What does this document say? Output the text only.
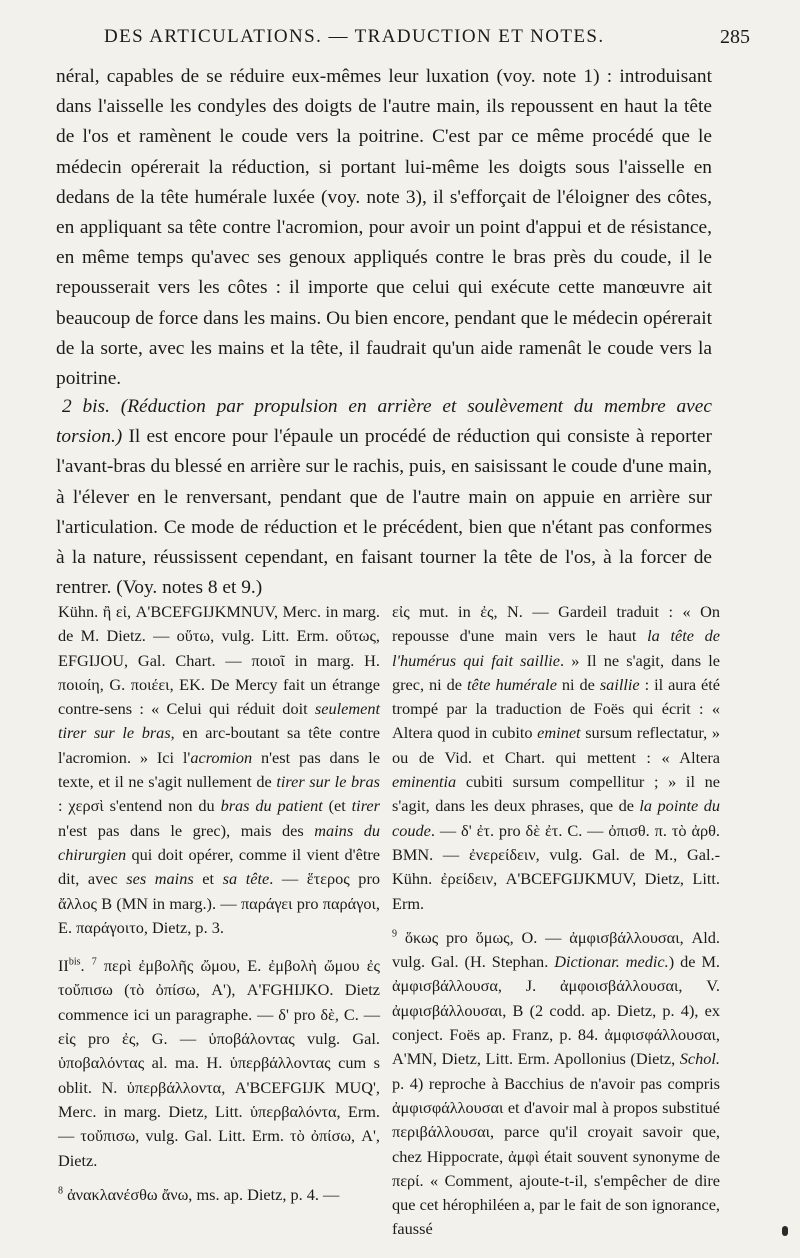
DES ARTICULATIONS. — TRADUCTION ET NOTES.	285

néral, capables de se réduire eux-mêmes leur luxation (voy. note 1) : introduisant dans l'aisselle les condyles des doigts de l'autre main, ils repoussent en haut la tête de l'os et ramènent le coude vers la poitrine. C'est par ce même procédé que le médecin opérerait la réduction, si portant lui-même les doigts sous l'aisselle en dedans de la tête humérale luxée (voy. note 3), il s'efforçait de l'éloigner des côtes, en appliquant sa tête contre l'acromion, pour avoir un point d'appui et de résistance, en même temps qu'avec ses genoux appliqués contre le bras près du coude, il le repousserait vers les côtes : il importe que celui qui exécute cette manœuvre ait beaucoup de force dans les mains. Ou bien encore, pendant que le médecin opérerait de la sorte, avec les mains et la tête, il faudrait qu'un aide ramenât le coude vers la poitrine.

2 bis. (Réduction par propulsion en arrière et soulèvement du membre avec torsion.) Il est encore pour l'épaule un procédé de réduction qui consiste à reporter l'avant-bras du blessé en arrière sur le rachis, puis, en saisissant le coude d'une main, à l'élever en le renversant, pendant que de l'autre main on appuie en arrière sur l'articulation. Ce mode de réduction et le précédent, bien que n'étant pas conformes à la nature, réussissent cependant, en faisant tourner la tête de l'os, à la forcer de rentrer. (Voy. notes 8 et 9.)

Kühn. ἢ εἰ, A'BCEFGIJKMNUV, Merc. in marg. de M. Dietz. — οὕτω, vulg. Litt. Erm. οὕτως, EFGIJOU, Gal. Chart. — ποιοῖ in marg. H. ποιοίη, G. ποιέει, EK. De Mercy fait un étrange contre-sens : « Celui qui réduit doit seulement tirer sur le bras, en arc-boutant sa tête contre l'acromion. » Ici l'acromion n'est pas dans le texte, et il ne s'agit nullement de tirer sur le bras : χερσὶ s'entend non du bras du patient (et tirer n'est pas dans le grec), mais des mains du chirurgien qui doit opérer, comme il vient d'être dit, avec ses mains et sa tête. — ἕτερος pro ἄλλος B (MN in marg.). — παράγει pro παράγοι, E. παράγοιτο, Dietz, p. 3.

$II^{bis}$. $^7$ περὶ ἐμβολῆς ὤμου, E. ἐμβολὴ ὤμου ἐς τοὔπισω (τὸ ὀπίσω, A'), A'FGHIJKO. Dietz commence ici un paragraphe. — δ' pro δὲ, C. — εἰς pro ἐς, G. — ὑποβάλοντας vulg. Gal. ὑποβαλόντας al. ma. H. ὑπερβάλλοντας cum s oblit. N. ὑπερβάλλοντα, A'BCEFGIJK MUQ', Merc. in marg. Dietz, Litt. ὑπερβαλόντα, Erm. — τοὔπισω, vulg. Gal. Litt. Erm. τὸ ὀπίσω, A', Dietz.

$^8$ ἀνακλανέσθω ἄνω, ms. ap. Dietz, p. 4. —

εἰς mut. in ἐς, N. — Gardeil traduit : « On repousse d'une main vers le haut la tête de l'humérus qui fait saillie. » Il ne s'agit, dans le grec, ni de tête humérale ni de saillie : il aura été trompé par la traduction de Foës qui écrit : « Altera quod in cubito eminet sursum reflectatur, » ou de Vid. et Chart. qui mettent : « Altera eminentia cubiti sursum compellitur ; » il ne s'agit, dans les deux phrases, que de la pointe du coude. — δ' ἐτ. pro δὲ ἐτ. C. — ὀπισθ. π. τὸ ἀρθ. BMN. — ἐνερείδειν, vulg. Gal. de M., Gal.-Kühn. ἐρείδειν, A'BCEFGIJKMUV, Dietz, Litt. Erm.

$^9$ ὅκως pro ὅμως, O. — ἀμφισβάλλουσαι, Ald. vulg. Gal. (H. Stephan. Dictionar. medic.) de M. ἀμφισβάλλουσα, J. ἀμφοισβάλλουσαι, V. ἀμφισβάλλουσαι, B (2 codd. ap. Dietz, p. 4), ex conject. Foës ap. Franz, p. 84. ἀμφισφάλλουσαι, A'MN, Dietz, Litt. Erm. Apollonius (Dietz, Schol. p. 4) reproche à Bacchius de n'avoir pas compris ἀμφισφάλλουσαι et d'avoir mal à propos substitué περιβάλλουσαι, parce qu'il croyait savoir que, chez Hippocrate, ἀμφὶ était souvent synonyme de περί. « Comment, ajoute-t-il, s'empêcher de dire que cet hérophiléen a, par le fait de son ignorance, faussé
